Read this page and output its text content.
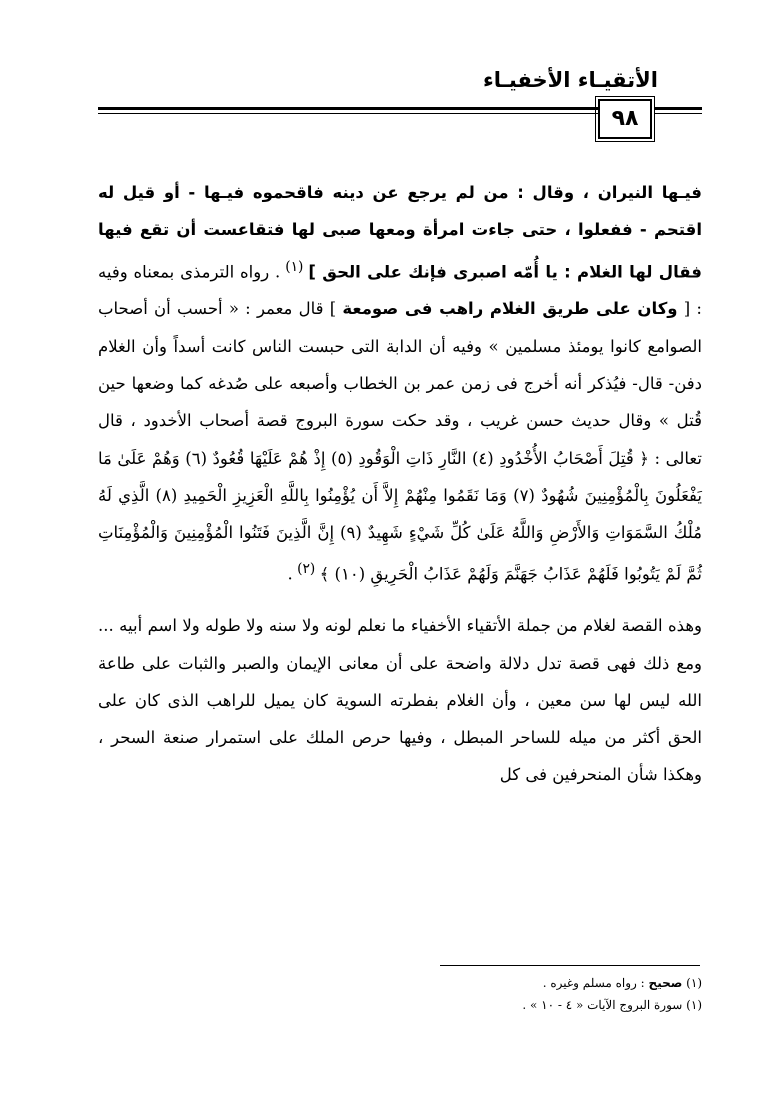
الأتقيـاء الأخفيـاء
٩٨

فيـها النيران ، وقال : من لم يرجع عن دينه فاقحموه فيـها - أو قيل له اقتحم - ففعلوا ، حتى جاءت امرأة ومعها صبى لها فتقاعست أن تقع فيها فقال لها الغلام : يا أُمّه اصبرى فإنك على الحق ] $^{(١)}$ . رواه الترمذى بمعناه وفيه : [ وكان على طريق الغلام راهب فى صومعة ] قال معمر : « أحسب أن أصحاب الصوامع كانوا يومئذ مسلمين » وفيه أن الدابة التى حبست الناس كانت أسداً وأن الغلام دفن- قال- فيُذكر أنه أخرج فى زمن عمر بن الخطاب وأصبعه على صُدغه كما وضعها حين قُتل » وقال حديث حسن غريب ، وقد حكت سورة البروج قصة أصحاب الأخدود ، قال تعالى : ﴿ قُتِلَ أَصْحَابُ الأُخْدُودِ (٤) النَّارِ ذَاتِ الْوَقُودِ (٥) إِذْ هُمْ عَلَيْهَا قُعُودٌ (٦) وَهُمْ عَلَىٰ مَا يَفْعَلُونَ بِالْمُؤْمِنِينَ شُهُودٌ (٧) وَمَا نَقَمُوا مِنْهُمْ إِلاَّ أَن يُؤْمِنُوا بِاللَّهِ الْعَزِيزِ الْحَمِيدِ (٨) الَّذِي لَهُ مُلْكُ السَّمَوَاتِ وَالأَرْضِ وَاللَّهُ عَلَىٰ كُلِّ شَيْءٍ شَهِيدٌ (٩) إِنَّ الَّذِينَ فَتَنُوا الْمُؤْمِنِينَ وَالْمُؤْمِنَاتِ ثُمَّ لَمْ يَتُوبُوا فَلَهُمْ عَذَابُ جَهَنَّمَ وَلَهُمْ عَذَابُ الْحَرِيقِ (١٠) ﴾ $^{(٢)}$ .

وهذه القصة لغلام من جملة الأتقياء الأخفياء ما نعلم لونه ولا سنه ولا طوله ولا اسم أبيه ... ومع ذلك فهى قصة تدل دلالة واضحة على أن معانى الإيمان والصبر والثبات على طاعة الله ليس لها سن معين ، وأن الغلام بفطرته السوية كان يميل للراهب الذى كان على الحق أكثر من ميله للساحر المبطل ، وفيها حرص الملك على استمرار صنعة السحر ، وهكذا شأن المنحرفين فى كل

(١) صحيح : رواه مسلم وغيره .

(١) سورة البروج الآيات « ٤ - ١٠ » .
